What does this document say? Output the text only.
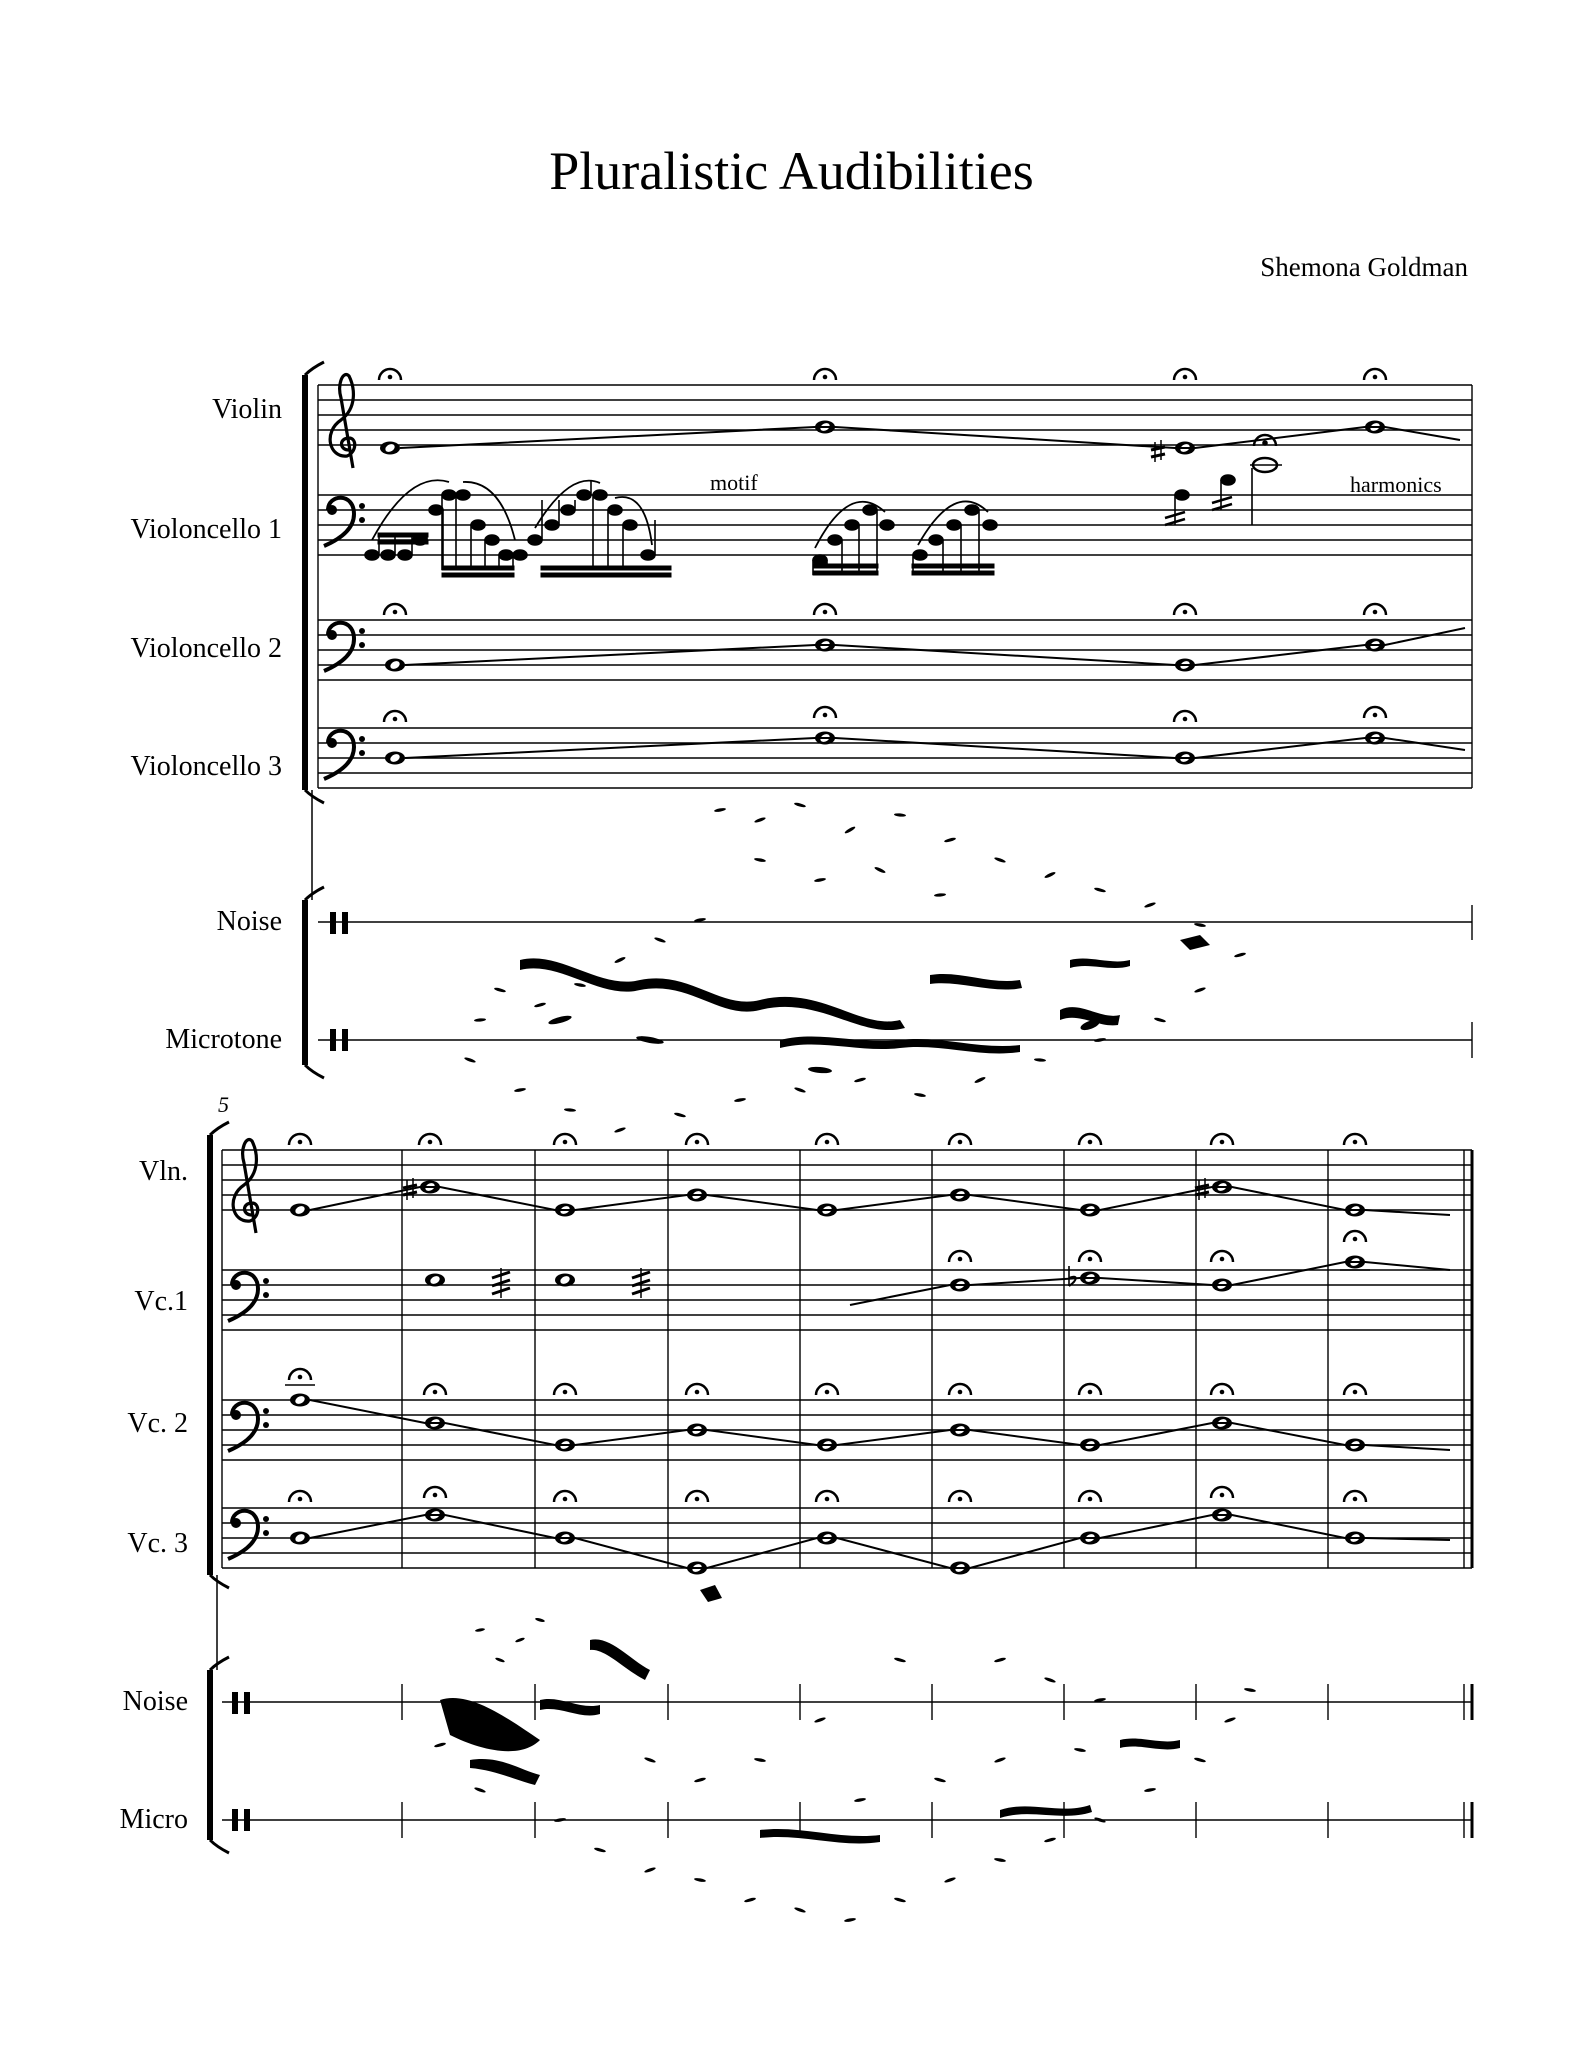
Pluralistic Audibilities
Shemona Goldman
Violin
Violoncello 1
Violoncello 2
Violoncello 3
Noise
Microtone
motif	harmonics
5
Vln.
Vc.1
Vc. 2
Vc. 3
Noise
Micro
